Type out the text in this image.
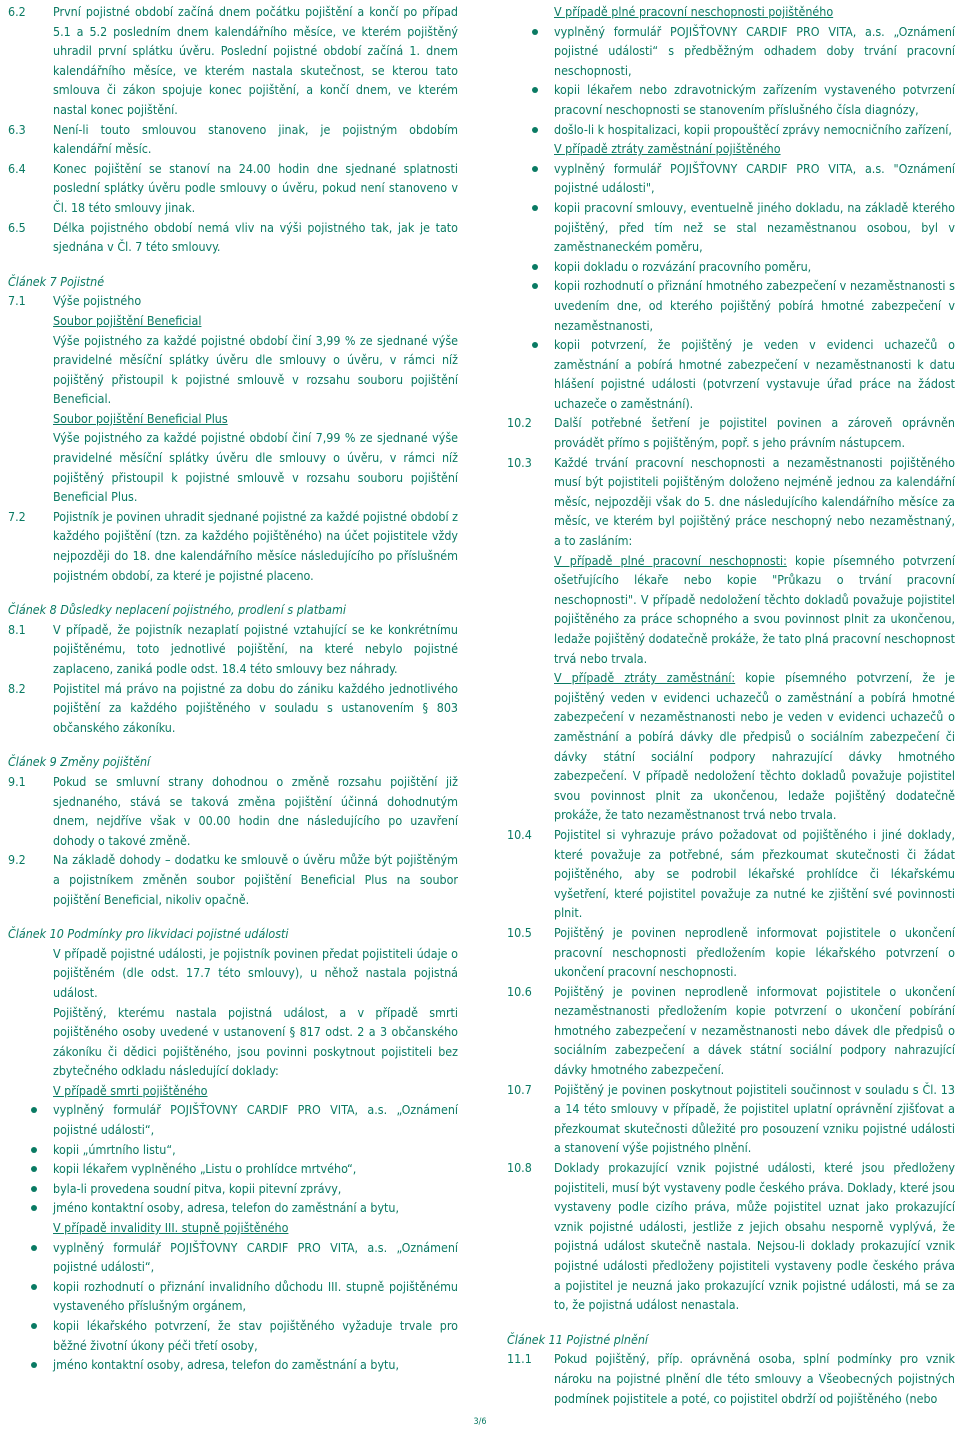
6.2	První pojistné období začíná dnem počátku pojištění a končí po případ 5.1 a 5.2 posledním dnem kalendářního měsíce, ve kterém pojištěný uhradil první splátku úvěru. Poslední pojistné období začíná 1. dnem kalendářního měsíce, ve kterém nastala skutečnost, se kterou tato smlouva či zákon spojuje konec pojištění, a končí dnem, ve kterém nastal konec pojištění.
6.3	Není-li touto smlouvou stanoveno jinak, je pojistným obdobím kalendářní měsíc.
6.4	Konec pojištění se stanoví na 24.00 hodin dne sjednané splatnosti poslední splátky úvěru podle smlouvy o úvěru, pokud není stanoveno v Čl. 18 této smlouvy jinak.
6.5	Délka pojistného období nemá vliv na výši pojistného tak, jak je tato sjednána v Čl. 7 této smlouvy.
Článek 7 Pojistné
7.1	Výše pojistného
Soubor pojištění Beneficial
Výše pojistného za každé pojistné období činí 3,99 % ze sjednané výše pravidelné měsíční splátky úvěru dle smlouvy o úvěru, v rámci níž pojištěný přistoupil k pojistné smlouvě v rozsahu souboru pojištění Beneficial.
Soubor pojištění Beneficial Plus
Výše pojistného za každé pojistné období činí 7,99 % ze sjednané výše pravidelné měsíční splátky úvěru dle smlouvy o úvěru, v rámci níž pojištěný přistoupil k pojistné smlouvě v rozsahu souboru pojištění Beneficial Plus.
7.2	Pojistník je povinen uhradit sjednané pojistné za každé pojistné období z každého pojištění (tzn. za každého pojištěného) na účet pojistitele vždy nejpozději do 18. dne kalendářního měsíce následujícího po příslušném pojistném období, za které je pojistné placeno.
Článek 8 Důsledky neplacení pojistného, prodlení s platbami
8.1	V případě, že pojistník nezaplatí pojistné vztahující se ke konkrétnímu pojištěnému, toto jednotlivé pojištění, na které nebylo pojistné zaplaceno, zaniká podle odst. 18.4 této smlouvy bez náhrady.
8.2	Pojistitel má právo na pojistné za dobu do zániku každého jednotlivého pojištění za každého pojištěného v souladu s ustanovením § 803 občanského zákoníku.
Článek 9 Změny pojištění
9.1	Pokud se smluvní strany dohodnou o změně rozsahu pojištění již sjednaného, stává se taková změna pojištění účinná dohodnutým dnem, nejdříve však v 00.00 hodin dne následujícího po uzavření dohody o takové změně.
9.2	Na základě dohody – dodatku ke smlouvě o úvěru může být pojištěným a pojistníkem změněn soubor pojištění Beneficial Plus na soubor pojištění Beneficial, nikoliv opačně.
Článek 10 Podmínky pro likvidaci pojistné události
V případě pojistné události, je pojistník povinen předat pojistiteli údaje o pojištěném (dle odst. 17.7 této smlouvy), u něhož nastala pojistná událost.
Pojištěný, kterému nastala pojistná událost, a v případě smrti pojištěného osoby uvedené v ustanovení § 817 odst. 2 a 3 občanského zákoníku či dědici pojištěného, jsou povinni poskytnout pojistiteli bez zbytečného odkladu následující doklady:
V případě smrti pojištěného
vyplněný formulář POJIŠŤOVNY CARDIF PRO VITA, a.s. „Oznámení pojistné události“,
kopii „úmrtního listu“,
kopii lékařem vyplněného „Listu o prohlídce mrtvého“,
byla-li provedena soudní pitva, kopii pitevní zprávy,
jméno kontaktní osoby, adresa, telefon do zaměstnání a bytu,
V případě invalidity III. stupně pojištěného
vyplněný formulář POJIŠŤOVNY CARDIF PRO VITA, a.s. „Oznámení pojistné události“,
kopii rozhodnutí o přiznání invalidního důchodu III. stupně pojištěnému vystaveného příslušným orgánem,
kopii lékařského potvrzení, že stav pojištěného vyžaduje trvale pro běžné životní úkony péči třetí osoby,
jméno kontaktní osoby, adresa, telefon do zaměstnání a bytu,
V případě plné pracovní neschopnosti pojištěného
vyplněný formulář POJIŠŤOVNY CARDIF PRO VITA, a.s. „Oznámení pojistné události“ s předběžným odhadem doby trvání pracovní neschopnosti,
kopii lékařem nebo zdravotnickým zařízením vystaveného potvrzení pracovní neschopnosti se stanovením příslušného čísla diagnózy,
došlo-li k hospitalizaci, kopii propouštěcí zprávy nemocničního zařízení,
V případě ztráty zaměstnání pojištěného
vyplněný formulář POJIŠŤOVNY CARDIF PRO VITA, a.s. "Oznámení pojistné události",
kopii pracovní smlouvy, eventuelně jiného dokladu, na základě kterého pojištěný, před tím než se stal nezaměstnanou osobou, byl v zaměstnaneckém poměru,
kopii dokladu o rozvázání pracovního poměru,
kopii rozhodnutí o přiznání hmotného zabezpečení v nezaměstnanosti s uvedením dne, od kterého pojištěný pobírá hmotné zabezpečení v nezaměstnanosti,
kopii potvrzení, že pojištěný je veden v evidenci uchazečů o zaměstnání a pobírá hmotné zabezpečení v nezaměstnanosti k datu hlášení pojistné události (potvrzení vystavuje úřad práce na žádost uchazeče o zaměstnání).
10.2	Další potřebné šetření je pojistitel povinen a zároveň oprávněn provádět přímo s pojištěným, popř. s jeho právním nástupcem.
10.3	Každé trvání pracovní neschopnosti a nezaměstnanosti pojištěného musí být pojistiteli pojištěným doloženo nejméně jednou za kalendářní měsíc, nejpozději však do 5. dne následujícího kalendářního měsíce za měsíc, ve kterém byl pojištěný práce neschopný nebo nezaměstnaný, a to zasláním:
V případě plné pracovní neschopnosti: kopie písemného potvrzení ošetřujícího lékaře nebo kopie "Průkazu o trvání pracovní neschopnosti". V případě nedoložení těchto dokladů považuje pojistitel pojištěného za práce schopného a svou povinnost plnit za ukončenou, ledaže pojištěný dodatečně prokáže, že tato plná pracovní neschopnost trvá nebo trvala.
V případě ztráty zaměstnání: kopie písemného potvrzení, že je pojištěný veden v evidenci uchazečů o zaměstnání a pobírá hmotné zabezpečení v nezaměstnanosti nebo je veden v evidenci uchazečů o zaměstnání a pobírá dávky dle předpisů o sociálním zabezpečení či dávky státní sociální podpory nahrazující dávky hmotného zabezpečení. V případě nedoložení těchto dokladů považuje pojistitel svou povinnost plnit za ukončenou, ledaže pojištěný dodatečně prokáže, že tato nezaměstnanost trvá nebo trvala.
10.4	Pojistitel si vyhrazuje právo požadovat od pojištěného i jiné doklady, které považuje za potřebné, sám přezkoumat skutečnosti či žádat pojištěného, aby se podrobil lékařské prohlídce či lékařskému vyšetření, které pojistitel považuje za nutné ke zjištění své povinnosti plnit.
10.5	Pojištěný je povinen neprodleně informovat pojistitele o ukončení pracovní neschopnosti předložením kopie lékařského potvrzení o ukončení pracovní neschopnosti.
10.6	Pojištěný je povinen neprodleně informovat pojistitele o ukončení nezaměstnanosti předložením kopie potvrzení o ukončení pobírání hmotného zabezpečení v nezaměstnanosti nebo dávek dle předpisů o sociálním zabezpečení a dávek státní sociální podpory nahrazující dávky hmotného zabezpečení.
10.7	Pojištěný je povinen poskytnout pojistiteli součinnost v souladu s Čl. 13 a 14 této smlouvy v případě, že pojistitel uplatní oprávnění zjišťovat a přezkoumat skutečnosti důležité pro posouzení vzniku pojistné události a stanovení výše pojistného plnění.
10.8	Doklady prokazující vznik pojistné události, které jsou předloženy pojistiteli, musí být vystaveny podle českého práva. Doklady, které jsou vystaveny podle cizího práva, může pojistitel uznat jako prokazující vznik pojistné události, jestliže z jejich obsahu nesporně vyplývá, že pojistná událost skutečně nastala. Nejsou-li doklady prokazující vznik pojistné události předloženy pojistiteli vystaveny podle českého práva a pojistitel je neuzná jako prokazující vznik pojistné události, má se za to, že pojistná událost nenastala.
Článek 11 Pojistné plnění
11.1	Pokud pojištěný, příp. oprávněná osoba, splní podmínky pro vznik nároku na pojistné plnění dle této smlouvy a Všeobecných pojistných podmínek pojistitele a poté, co pojistitel obdrží od pojištěného (nebo
3/6
